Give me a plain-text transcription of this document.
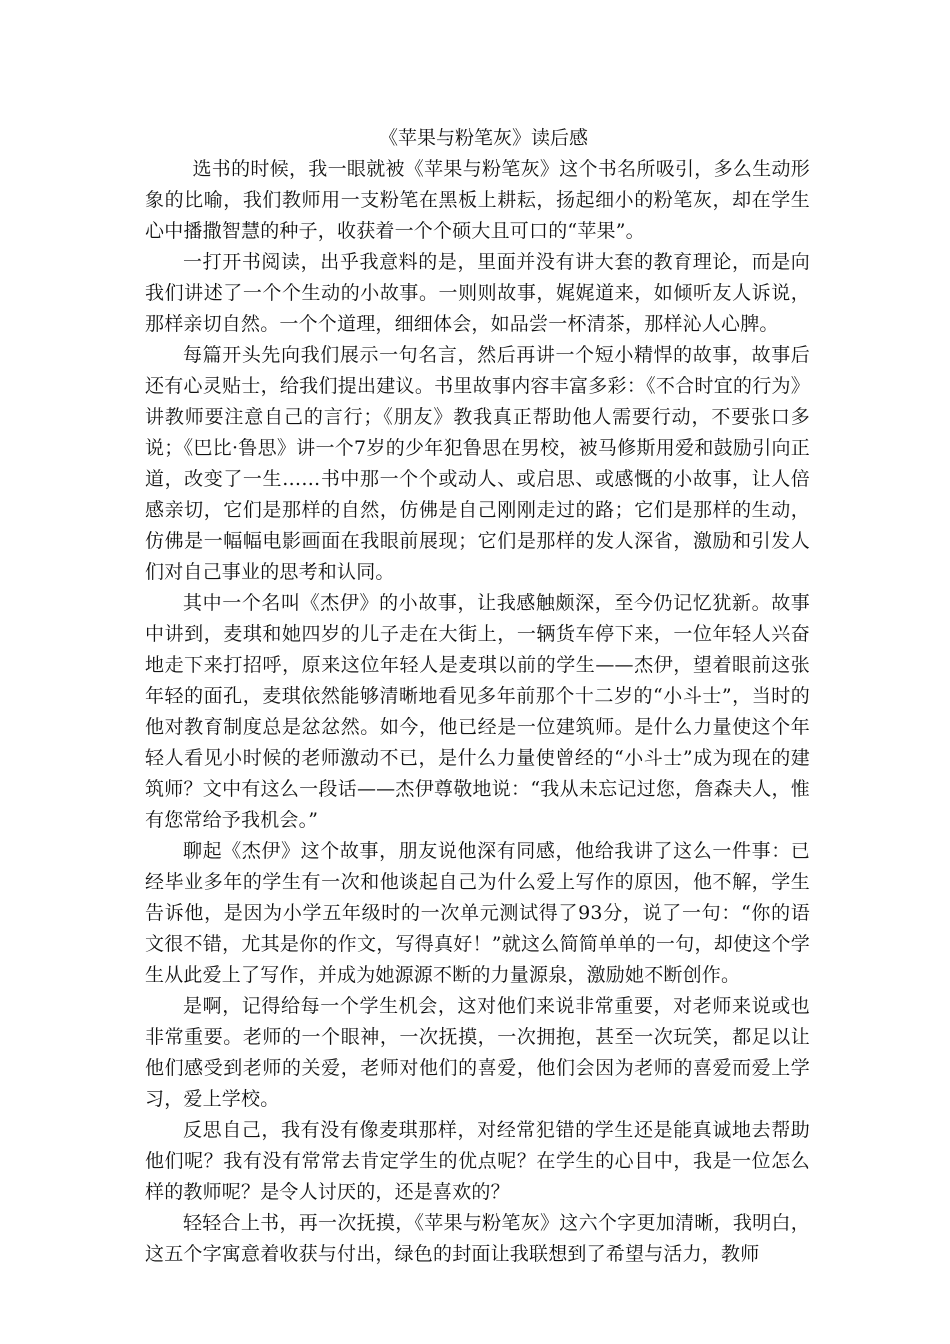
《苹果与粉笔灰》读后感

选书的时候，我一眼就被《苹果与粉笔灰》这个书名所吸引，多么生动形象的比喻，我们教师用一支粉笔在黑板上耕耘，扬起细小的粉笔灰，却在学生心中播撒智慧的种子，收获着一个个硕大且可口的“苹果”。

一打开书阅读，出乎我意料的是，里面并没有讲大套的教育理论，而是向我们讲述了一个个生动的小故事。一则则故事，娓娓道来，如倾听友人诉说，那样亲切自然。一个个道理，细细体会，如品尝一杯清茶，那样沁人心脾。

每篇开头先向我们展示一句名言，然后再讲一个短小精悍的故事，故事后还有心灵贴士，给我们提出建议。书里故事内容丰富多彩：《不合时宜的行为》讲教师要注意自己的言行；《朋友》教我真正帮助他人需要行动，不要张口多说；《巴比·鲁思》讲一个7岁的少年犯鲁思在男校，被马修斯用爱和鼓励引向正道，改变了一生……书中那一个个或动人、或启思、或感慨的小故事，让人倍感亲切，它们是那样的自然，仿佛是自己刚刚走过的路；它们是那样的生动，仿佛是一幅幅电影画面在我眼前展现；它们是那样的发人深省，激励和引发人们对自己事业的思考和认同。

其中一个名叫《杰伊》的小故事，让我感触颇深，至今仍记忆犹新。故事中讲到，麦琪和她四岁的儿子走在大街上，一辆货车停下来，一位年轻人兴奋地走下来打招呼，原来这位年轻人是麦琪以前的学生——杰伊，望着眼前这张年轻的面孔，麦琪依然能够清晰地看见多年前那个十二岁的“小斗士”，当时的他对教育制度总是忿忿然。如今，他已经是一位建筑师。是什么力量使这个年轻人看见小时候的老师激动不已，是什么力量使曾经的“小斗士”成为现在的建筑师？文中有这么一段话——杰伊尊敬地说：“我从未忘记过您，詹森夫人，惟有您常给予我机会。”

聊起《杰伊》这个故事，朋友说他深有同感，他给我讲了这么一件事：已经毕业多年的学生有一次和他谈起自己为什么爱上写作的原因，他不解，学生告诉他，是因为小学五年级时的一次单元测试得了93分，说了一句：“你的语文很不错，尤其是你的作文，写得真好！”就这么简简单单的一句，却使这个学生从此爱上了写作，并成为她源源不断的力量源泉，激励她不断创作。

是啊，记得给每一个学生机会，这对他们来说非常重要，对老师来说或也非常重要。老师的一个眼神，一次抚摸，一次拥抱，甚至一次玩笑，都足以让他们感受到老师的关爱，老师对他们的喜爱，他们会因为老师的喜爱而爱上学习，爱上学校。

反思自己，我有没有像麦琪那样，对经常犯错的学生还是能真诚地去帮助他们呢？我有没有常常去肯定学生的优点呢？在学生的心目中，我是一位怎么样的教师呢？是令人讨厌的，还是喜欢的？

轻轻合上书，再一次抚摸，《苹果与粉笔灰》这六个字更加清晰，我明白，这五个字寓意着收获与付出，绿色的封面让我联想到了希望与活力，教师
